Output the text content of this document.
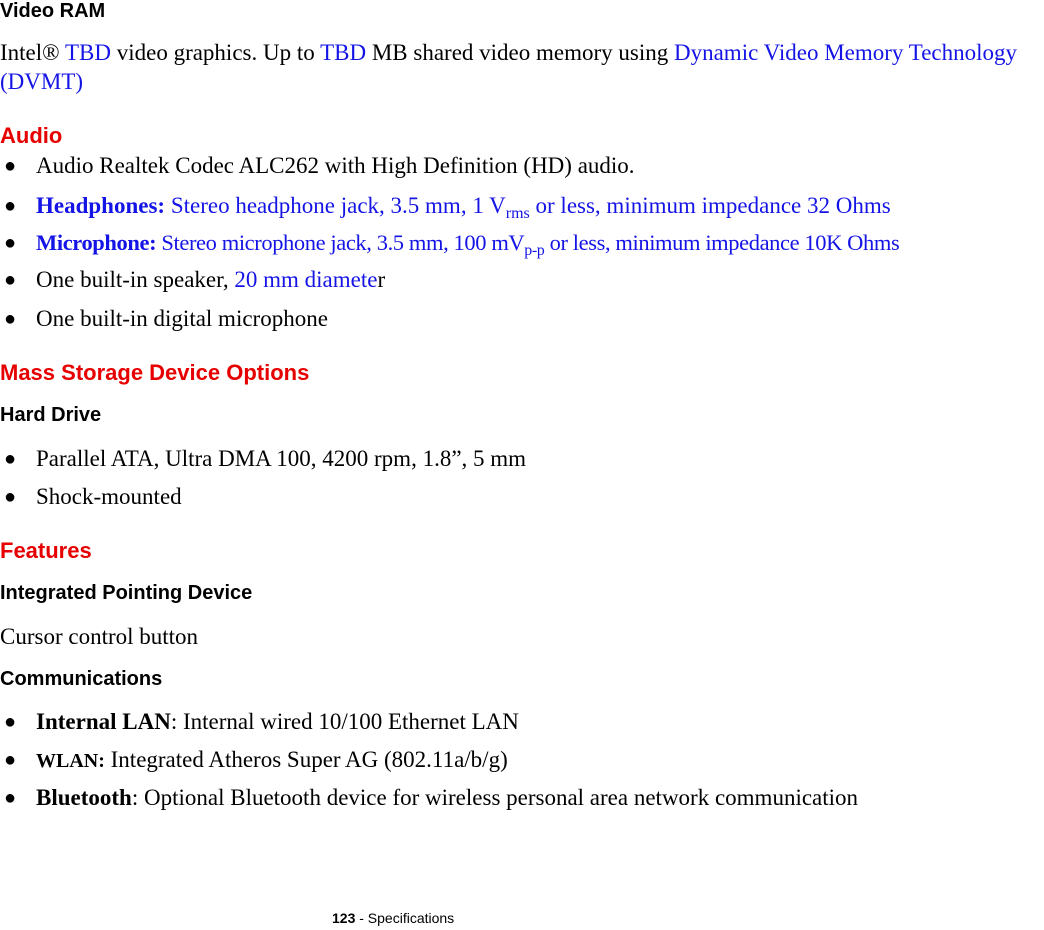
Video RAM

Intel® TBD video graphics. Up to TBD MB shared video memory using Dynamic Video Memory Technology (DVMT)

Audio
● Audio Realtek Codec ALC262 with High Definition (HD) audio.
● Headphones: Stereo headphone jack, 3.5 mm, 1 $V_{rms}$ or less, minimum impedance 32 Ohms
● Microphone: Stereo microphone jack, 3.5 mm, 100 $mV_{p-p}$ or less, minimum impedance 10K Ohms
● One built-in speaker, 20 mm diameter
● One built-in digital microphone
Mass Storage Device Options
Hard Drive
● Parallel ATA, Ultra DMA 100, 4200 rpm, 1.8”, 5 mm
● Shock-mounted
Features
Integrated Pointing Device

Cursor control button

Communications
● Internal LAN: Internal wired 10/100 Ethernet LAN
● WLAN: Integrated Atheros Super AG (802.11a/b/g)
● Bluetooth: Optional Bluetooth device for wireless personal area network communication
123 - Specifications
